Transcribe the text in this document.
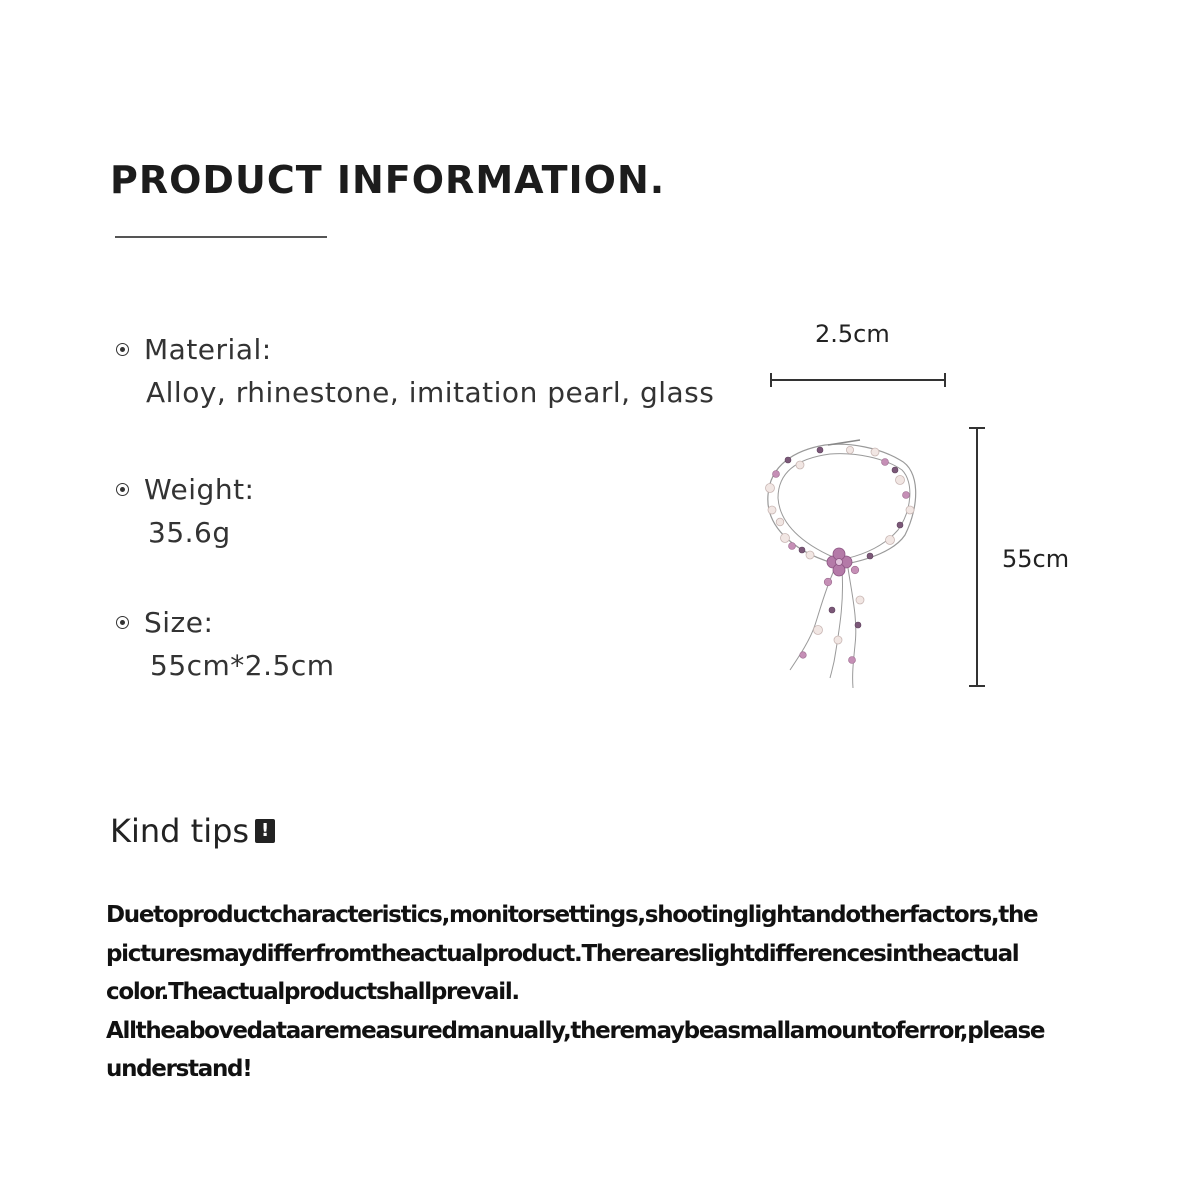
PRODUCT INFORMATION.
Material:
Alloy, rhinestone, imitation pearl, glass
Weight:
35.6g
Size:
55cm*2.5cm
2.5cm
55cm
Kind tips !
Duetoproductcharacteristics,monitorsettings,shootinglightandotherfactors,the
picturesmaydifferfromtheactualproduct.Thereareslightdifferencesintheactual
color.Theactualproductshallprevail.
Alltheabovedataaremeasuredmanually,theremaybeasmallamountoferror,please
understand!
